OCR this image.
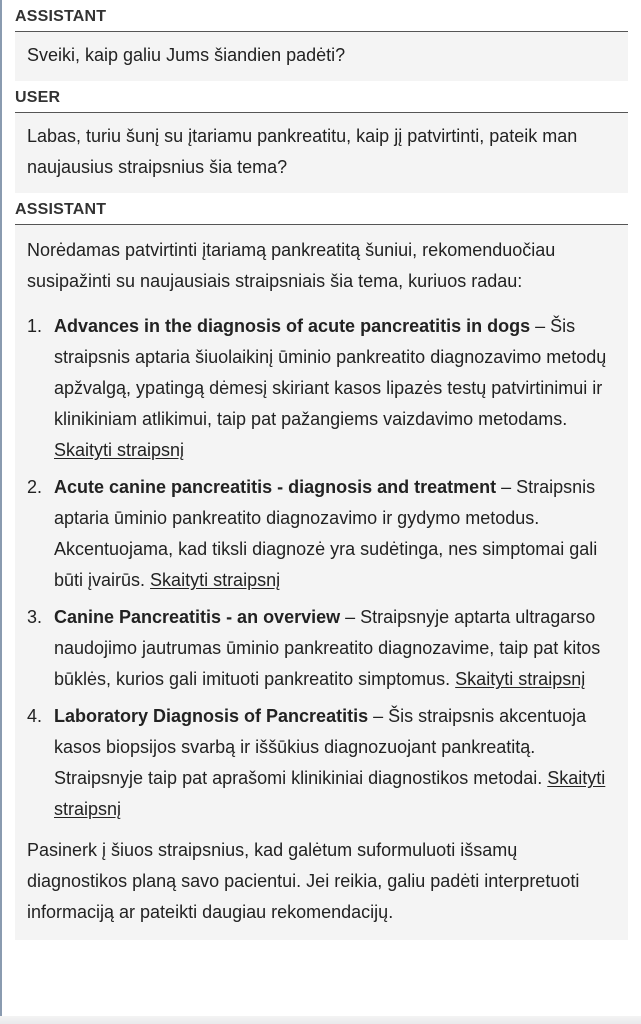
ASSISTANT

Sveiki, kaip galiu Jums šiandien padėti?

USER

Labas, turiu šunį su įtariamu pankreatitu, kaip jį patvirtinti, pateik man naujausius straipsnius šia tema?

ASSISTANT

Norėdamas patvirtinti įtariamą pankreatitą šuniui, rekomenduočiau susipažinti su naujausiais straipsniais šia tema, kuriuos radau:

1. Advances in the diagnosis of acute pancreatitis in dogs – Šis straipsnis aptaria šiuolaikinį ūminio pankreatito diagnozavimo metodų apžvalgą, ypatingą dėmesį skiriant kasos lipazės testų patvirtinimui ir klinikiniam atlikimui, taip pat pažangiems vaizdavimo metodams. Skaityti straipsnį
2. Acute canine pancreatitis - diagnosis and treatment – Straipsnis aptaria ūminio pankreatito diagnozavimo ir gydymo metodus. Akcentuojama, kad tiksli diagnozė yra sudėtinga, nes simptomai gali būti įvairūs. Skaityti straipsnį
3. Canine Pancreatitis - an overview – Straipsnyje aptarta ultragarso naudojimo jautrumas ūminio pankreatito diagnozavime, taip pat kitos būklės, kurios gali imituoti pankreatito simptomus. Skaityti straipsnį
4. Laboratory Diagnosis of Pancreatitis – Šis straipsnis akcentuoja kasos biopsijos svarbą ir iššūkius diagnozuojant pankreatitą. Straipsnyje taip pat aprašomi klinikiniai diagnostikos metodai. Skaityti straipsnį

Pasinerk į šiuos straipsnius, kad galėtum suformuluoti išsamų diagnostikos planą savo pacientui. Jei reikia, galiu padėti interpretuoti informaciją ar pateikti daugiau rekomendacijų.
